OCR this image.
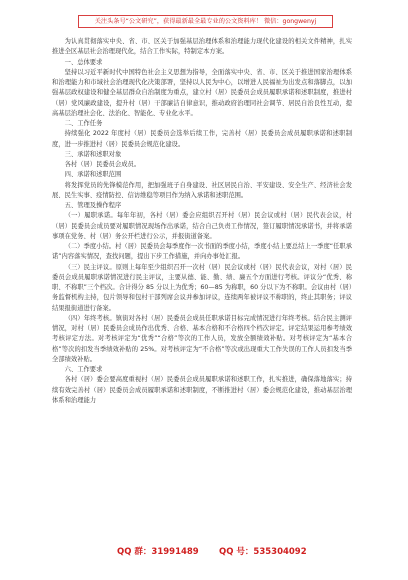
关注头条号“公文研究”，获得最新最全最专业的公文资料库！ 微信：gongwenyj

为认真贯彻落实中央、省、市、区关于加强基层治理体系和治理能力现代化建设的相关文件精神，扎实推进全区基层社会治理现代化，结合工作实际，特制定本方案。

一、总体要求

坚持以习近平新时代中国特色社会主义思想为指导，全面落实中央、省、市、区关于推进国家治理体系和治理能力和市域社会治理现代化决策部署，坚持以人民为中心，以增进人民福祉为出发点和落脚点，以加强基层政权建设和健全基层群众自治制度为重点，建立村（居）民委员会成员履职承诺和述职制度，推进村（居）党风廉政建设，提升村（居）干部廉洁自律意识，推动政府治理同社会调节、居民自治良性互动，提高基层治理社会化、法治化、智能化、专业化水平。

二、工作任务

持续强化 2022 年度村（居）民委员会选举后续工作，完善村（居）民委员会成员履职承诺和述职制度，进一步推进村（居）民委员会规范化建设。

三、承诺和述职对象

各村（居）民委员会成员。

四、承诺和述职范围

将发挥党员的先锋模范作用，把加强班子自身建设、社区居民自治、平安建设、安全生产、经济社会发展、民生实事、疫情防控、信访维稳等项目作为纳入承诺和述职范围。

五、管理及操作程序

（一）履职承诺。每年年初，各村（居）委会应组织召开村（居）民会议或村（居）民代表会议，村（居）民委员会成员要对履职情况现场作出承诺，结合自己负责工作情况，签订履职情况承诺书，并将承诺事项在党务、村（居）务公开栏进行公示，并报街道备案。

（二）季度小结。村（居）民委员会每季度作一次书面的季度小结，季度小结上要总结上一季度“任职承诺”内容落实情况，查找问题，提出下步工作措施，并向办事处汇报。

（三）民主评议。原则上每年至少组织召开一次村（居）民会议或村（居）民代表会议，对村（居）民委员会成员履职承诺情况进行民主评议，主要从德、能、勤、绩、廉五个方面进行考核。评议分“优秀、称职、不称职”三个档次。合计得分 85 分以上为优秀；60—85 为称职，60 分以下为不称职。会议由村（居）务监督机构主持，包片领导和包村干部列席会议并参加评议，连续两年被评议不称职的，终止其职务；评议结果报街道进行备案。

（四）年终考核。镇街对各村（居）民委员会成员任职承诺目标完成情况进行年终考核。结合民主测评情况，对村（居）民委员会成员作出优秀、合格、基本合格和不合格四个档次评定。评定结果运用参考绩效考核评定方法。对考核评定为“优秀”“合格”等次的工作人员，发放全额绩效补贴。对考核评定为“基本合格”等次的扣发当季绩效补贴的 25%。对考核评定为“不合格”等次或出现重大工作失误的工作人员扣发当季全部绩效补贴。

六、工作要求

各村（居）委会要高度重视村（居）民委员会成员履职承诺和述职工作，扎实推进，确保落地落实；持续有效完善村（居）民委员会成员履职承诺和述职制度，不断推进村（居）委会规范化建设，推动基层治理体系和治理能力

QQ 群：31991489 QQ 号：535304092
